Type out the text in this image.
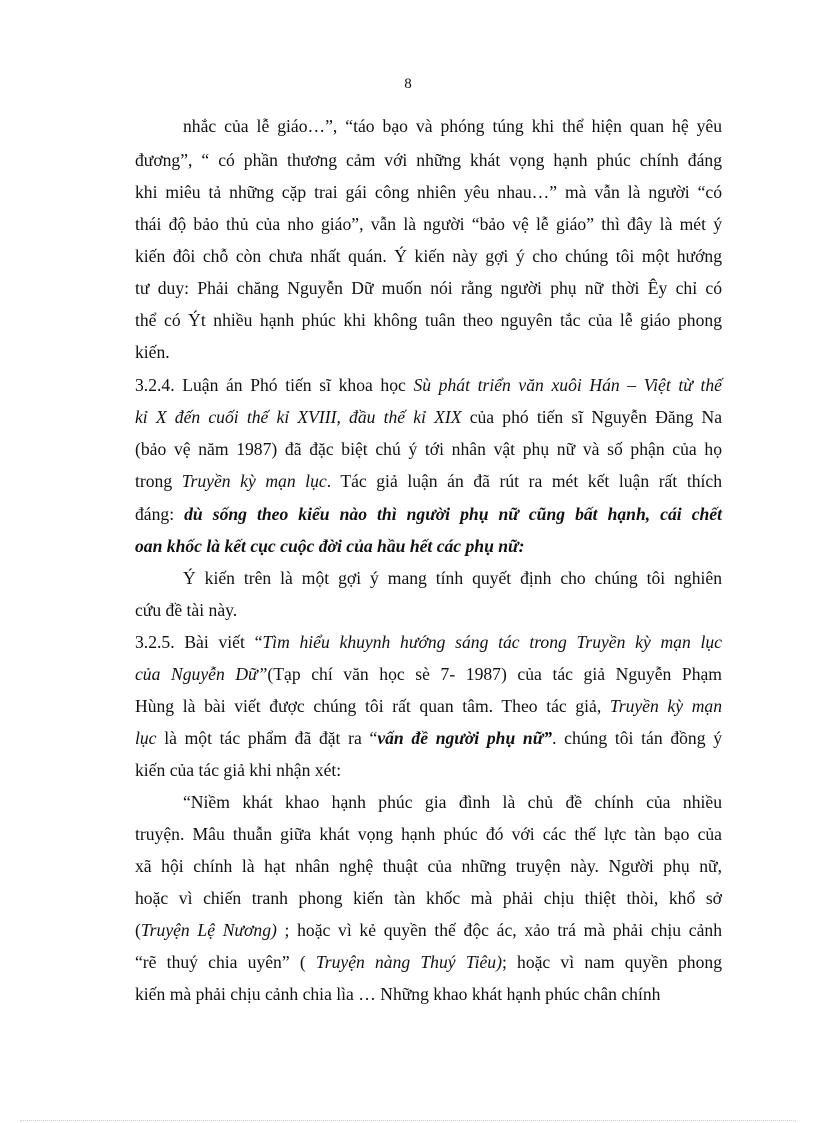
8
nhắc của lễ giáo…”, “táo bạo và phóng túng khi thể hiện quan hệ yêu
đương”, “ có phần thương cảm với những khát vọng hạnh phúc chính đáng
khi miêu tả những cặp trai gái công nhiên yêu nhau…” mà vẫn là người “có
thái độ bảo thủ của nho giáo”, vẫn là người “bảo vệ lễ giáo” thì đây là mét ý
kiến đôi chỗ còn chưa nhất quán. Ý kiến này gợi ý cho chúng tôi một hướng
tư duy: Phải chăng Nguyễn Dữ muốn nói rằng người phụ nữ thời Êy chỉ có
thể có Ýt nhiều hạnh phúc khi không tuân theo nguyên tắc của lễ giáo phong
kiến.
3.2.4. Luận án Phó tiến sĩ khoa học Sù phát triển văn xuôi Hán – Việt từ thế
kỉ X đến cuối thế kỉ XVIII, đầu thế kỉ XIX của phó tiến sĩ Nguyễn Đăng Na
(bảo vệ năm 1987) đã đặc biệt chú ý tới nhân vật phụ nữ và số phận của họ
trong Truyền kỳ mạn lục. Tác giả luận án đã rút ra mét kết luận rất thích
đáng: dù sống theo kiểu nào thì người phụ nữ cũng bất hạnh, cái chết
oan khốc là kết cục cuộc đời của hầu hết các phụ nữ:
Ý kiến trên là một gợi ý mang tính quyết định cho chúng tôi nghiên
cứu đề tài này.
3.2.5. Bài viết “Tìm hiểu khuynh hướng sáng tác trong Truyền kỳ mạn lục
của Nguyễn Dữ”(Tạp chí văn học sè 7- 1987) của tác giả Nguyễn Phạm
Hùng là bài viết được chúng tôi rất quan tâm. Theo tác giả, Truyền kỳ mạn
lục là một tác phẩm đã đặt ra “vấn đề người phụ nữ”. chúng tôi tán đồng ý
kiến của tác giả khi nhận xét:
“Niềm khát khao hạnh phúc gia đình là chủ đề chính của nhiều
truyện. Mâu thuẫn giữa khát vọng hạnh phúc đó với các thế lực tàn bạo của
xã hội chính là hạt nhân nghệ thuật của những truyện này. Người phụ nữ,
hoặc vì chiến tranh phong kiến tàn khốc mà phải chịu thiệt thòi, khổ sở
(Truyện Lệ Nương) ; hoặc vì kẻ quyền thế độc ác, xảo trá mà phải chịu cảnh
“rẽ thuý chia uyên” ( Truyện nàng Thuý Tiêu); hoặc vì nam quyền phong
kiến mà phải chịu cảnh chia lìa … Những khao khát hạnh phúc chân chính
